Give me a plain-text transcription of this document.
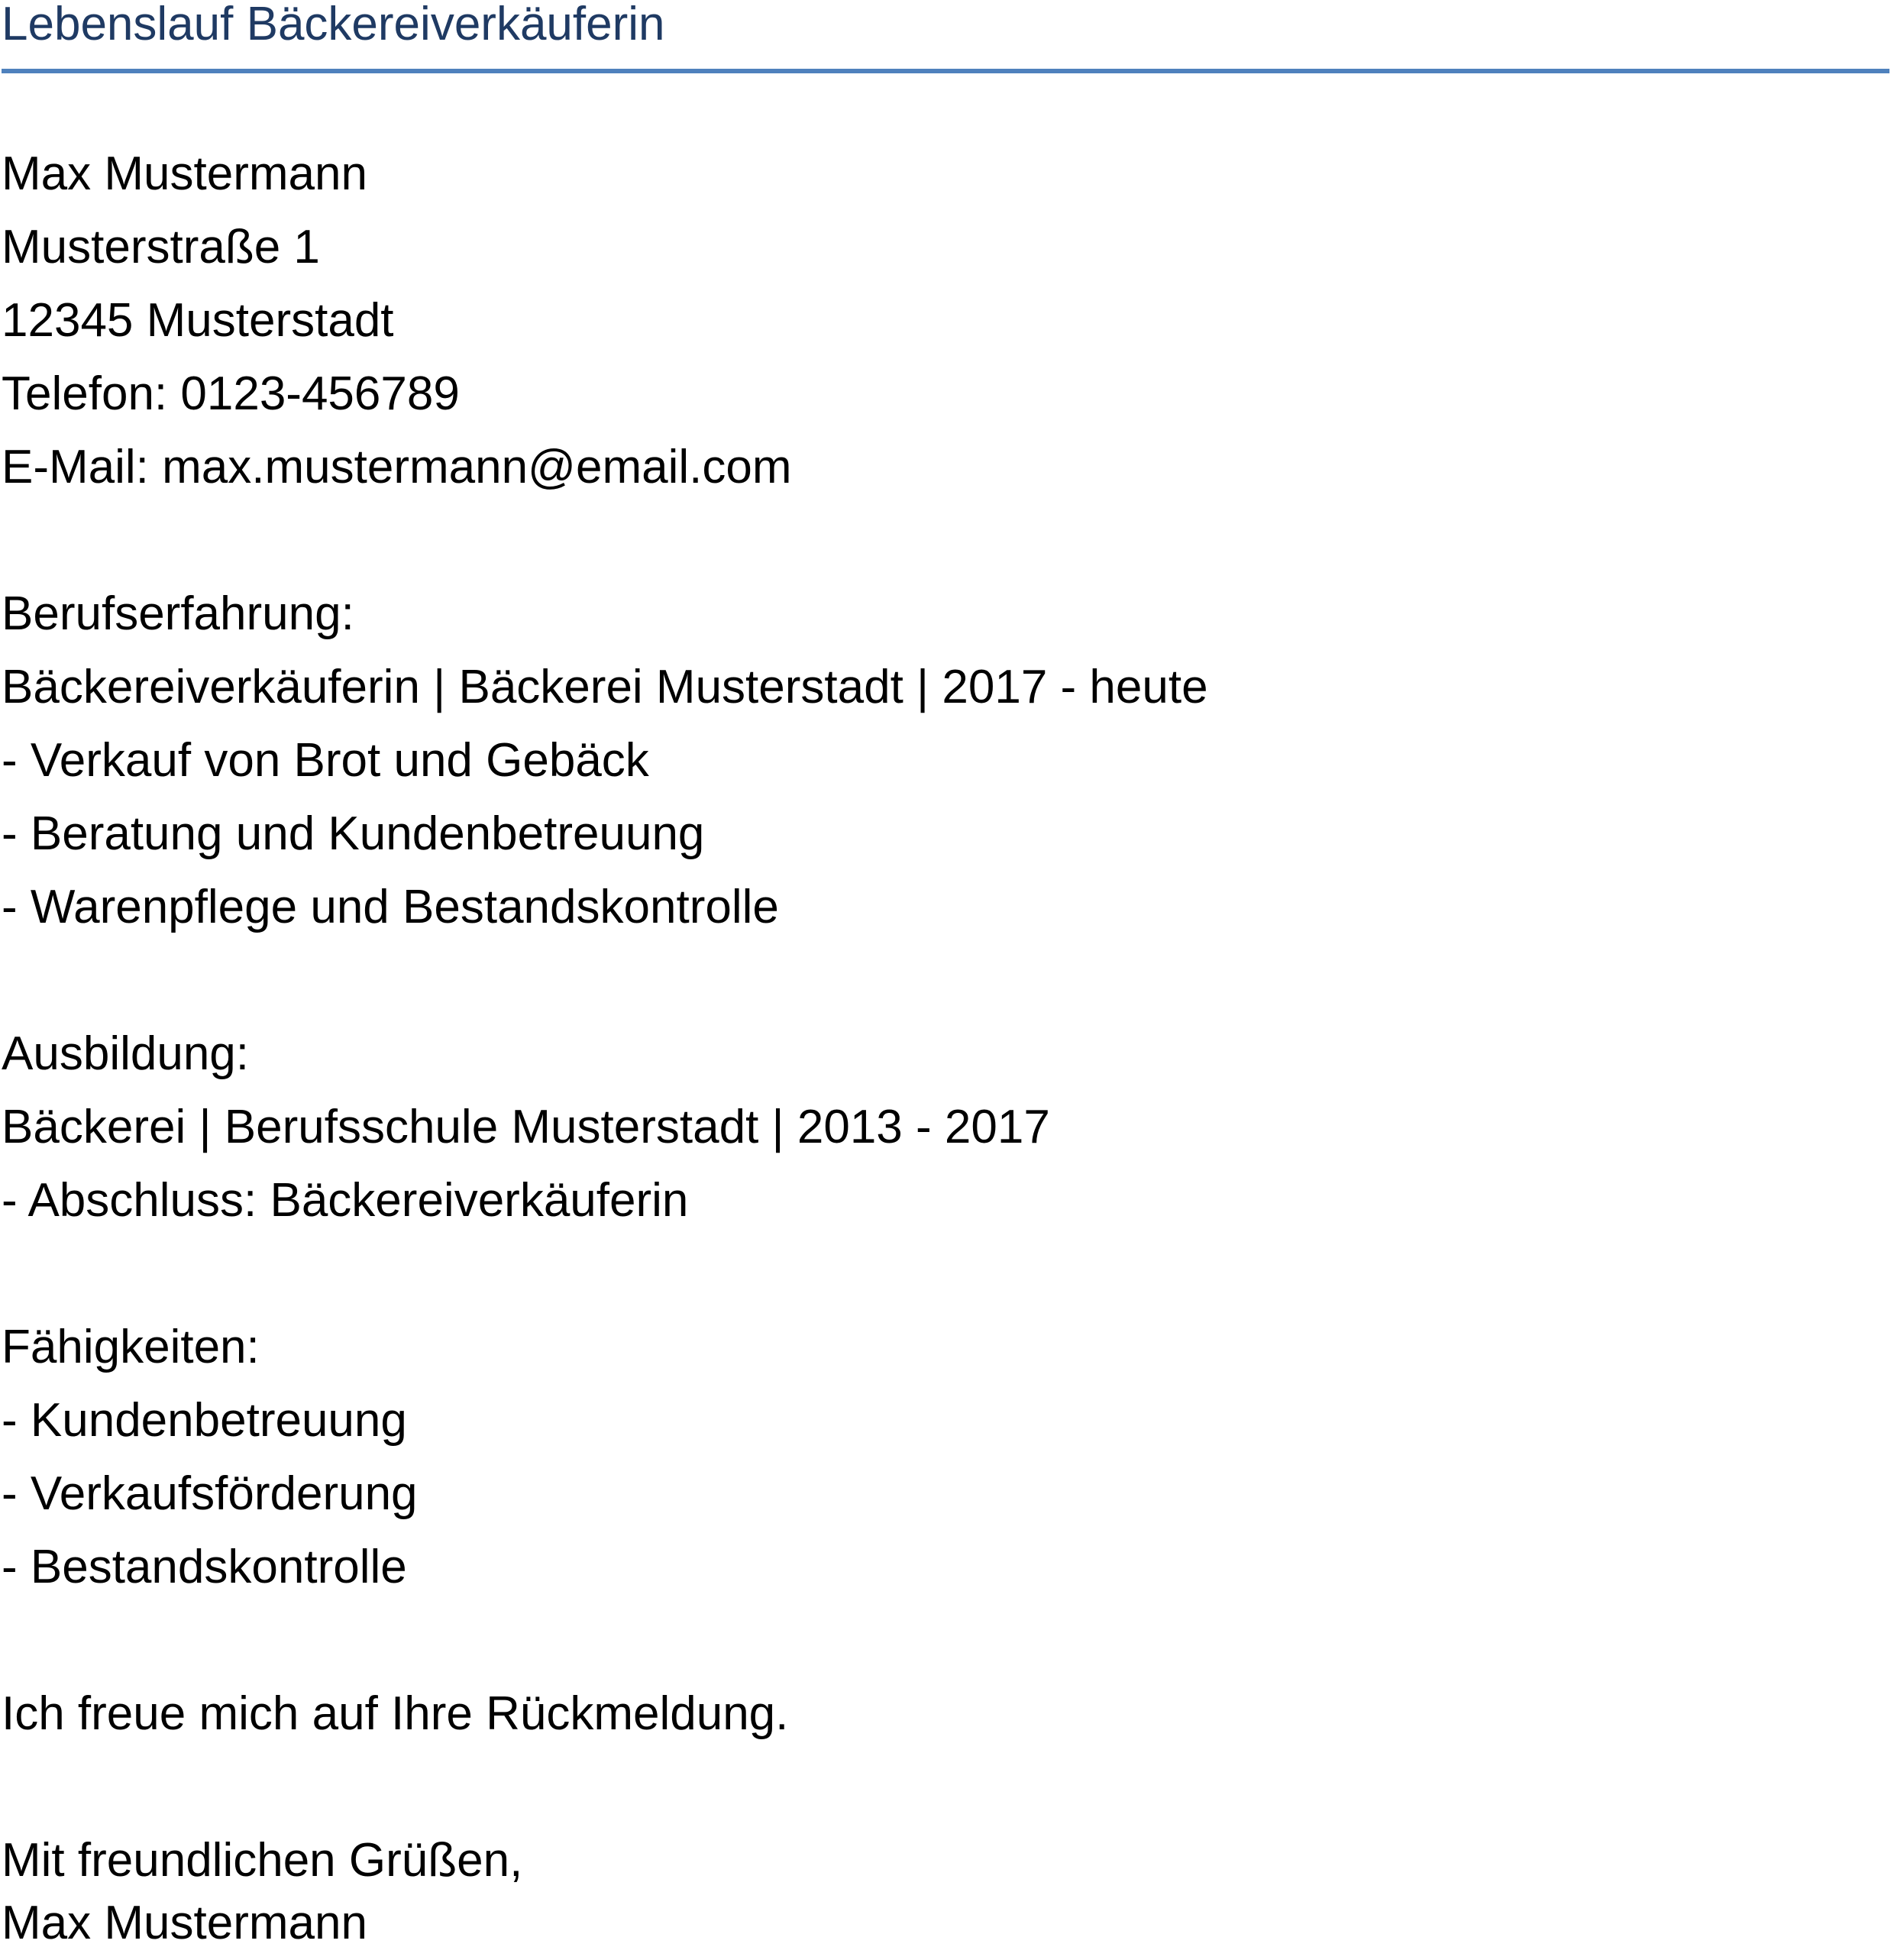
Lebenslauf Bäckereiverkäuferin
Max Mustermann
Musterstraße 1
12345 Musterstadt
Telefon: 0123-456789
E-Mail: max.mustermann@email.com
Berufserfahrung:
Bäckereiverkäuferin | Bäckerei Musterstadt | 2017 - heute
- Verkauf von Brot und Gebäck
- Beratung und Kundenbetreuung
- Warenpflege und Bestandskontrolle
Ausbildung:
Bäckerei | Berufsschule Musterstadt | 2013 - 2017
- Abschluss: Bäckereiverkäuferin
Fähigkeiten:
- Kundenbetreuung
- Verkaufsförderung
- Bestandskontrolle
Ich freue mich auf Ihre Rückmeldung.
Mit freundlichen Grüßen,
Max Mustermann
